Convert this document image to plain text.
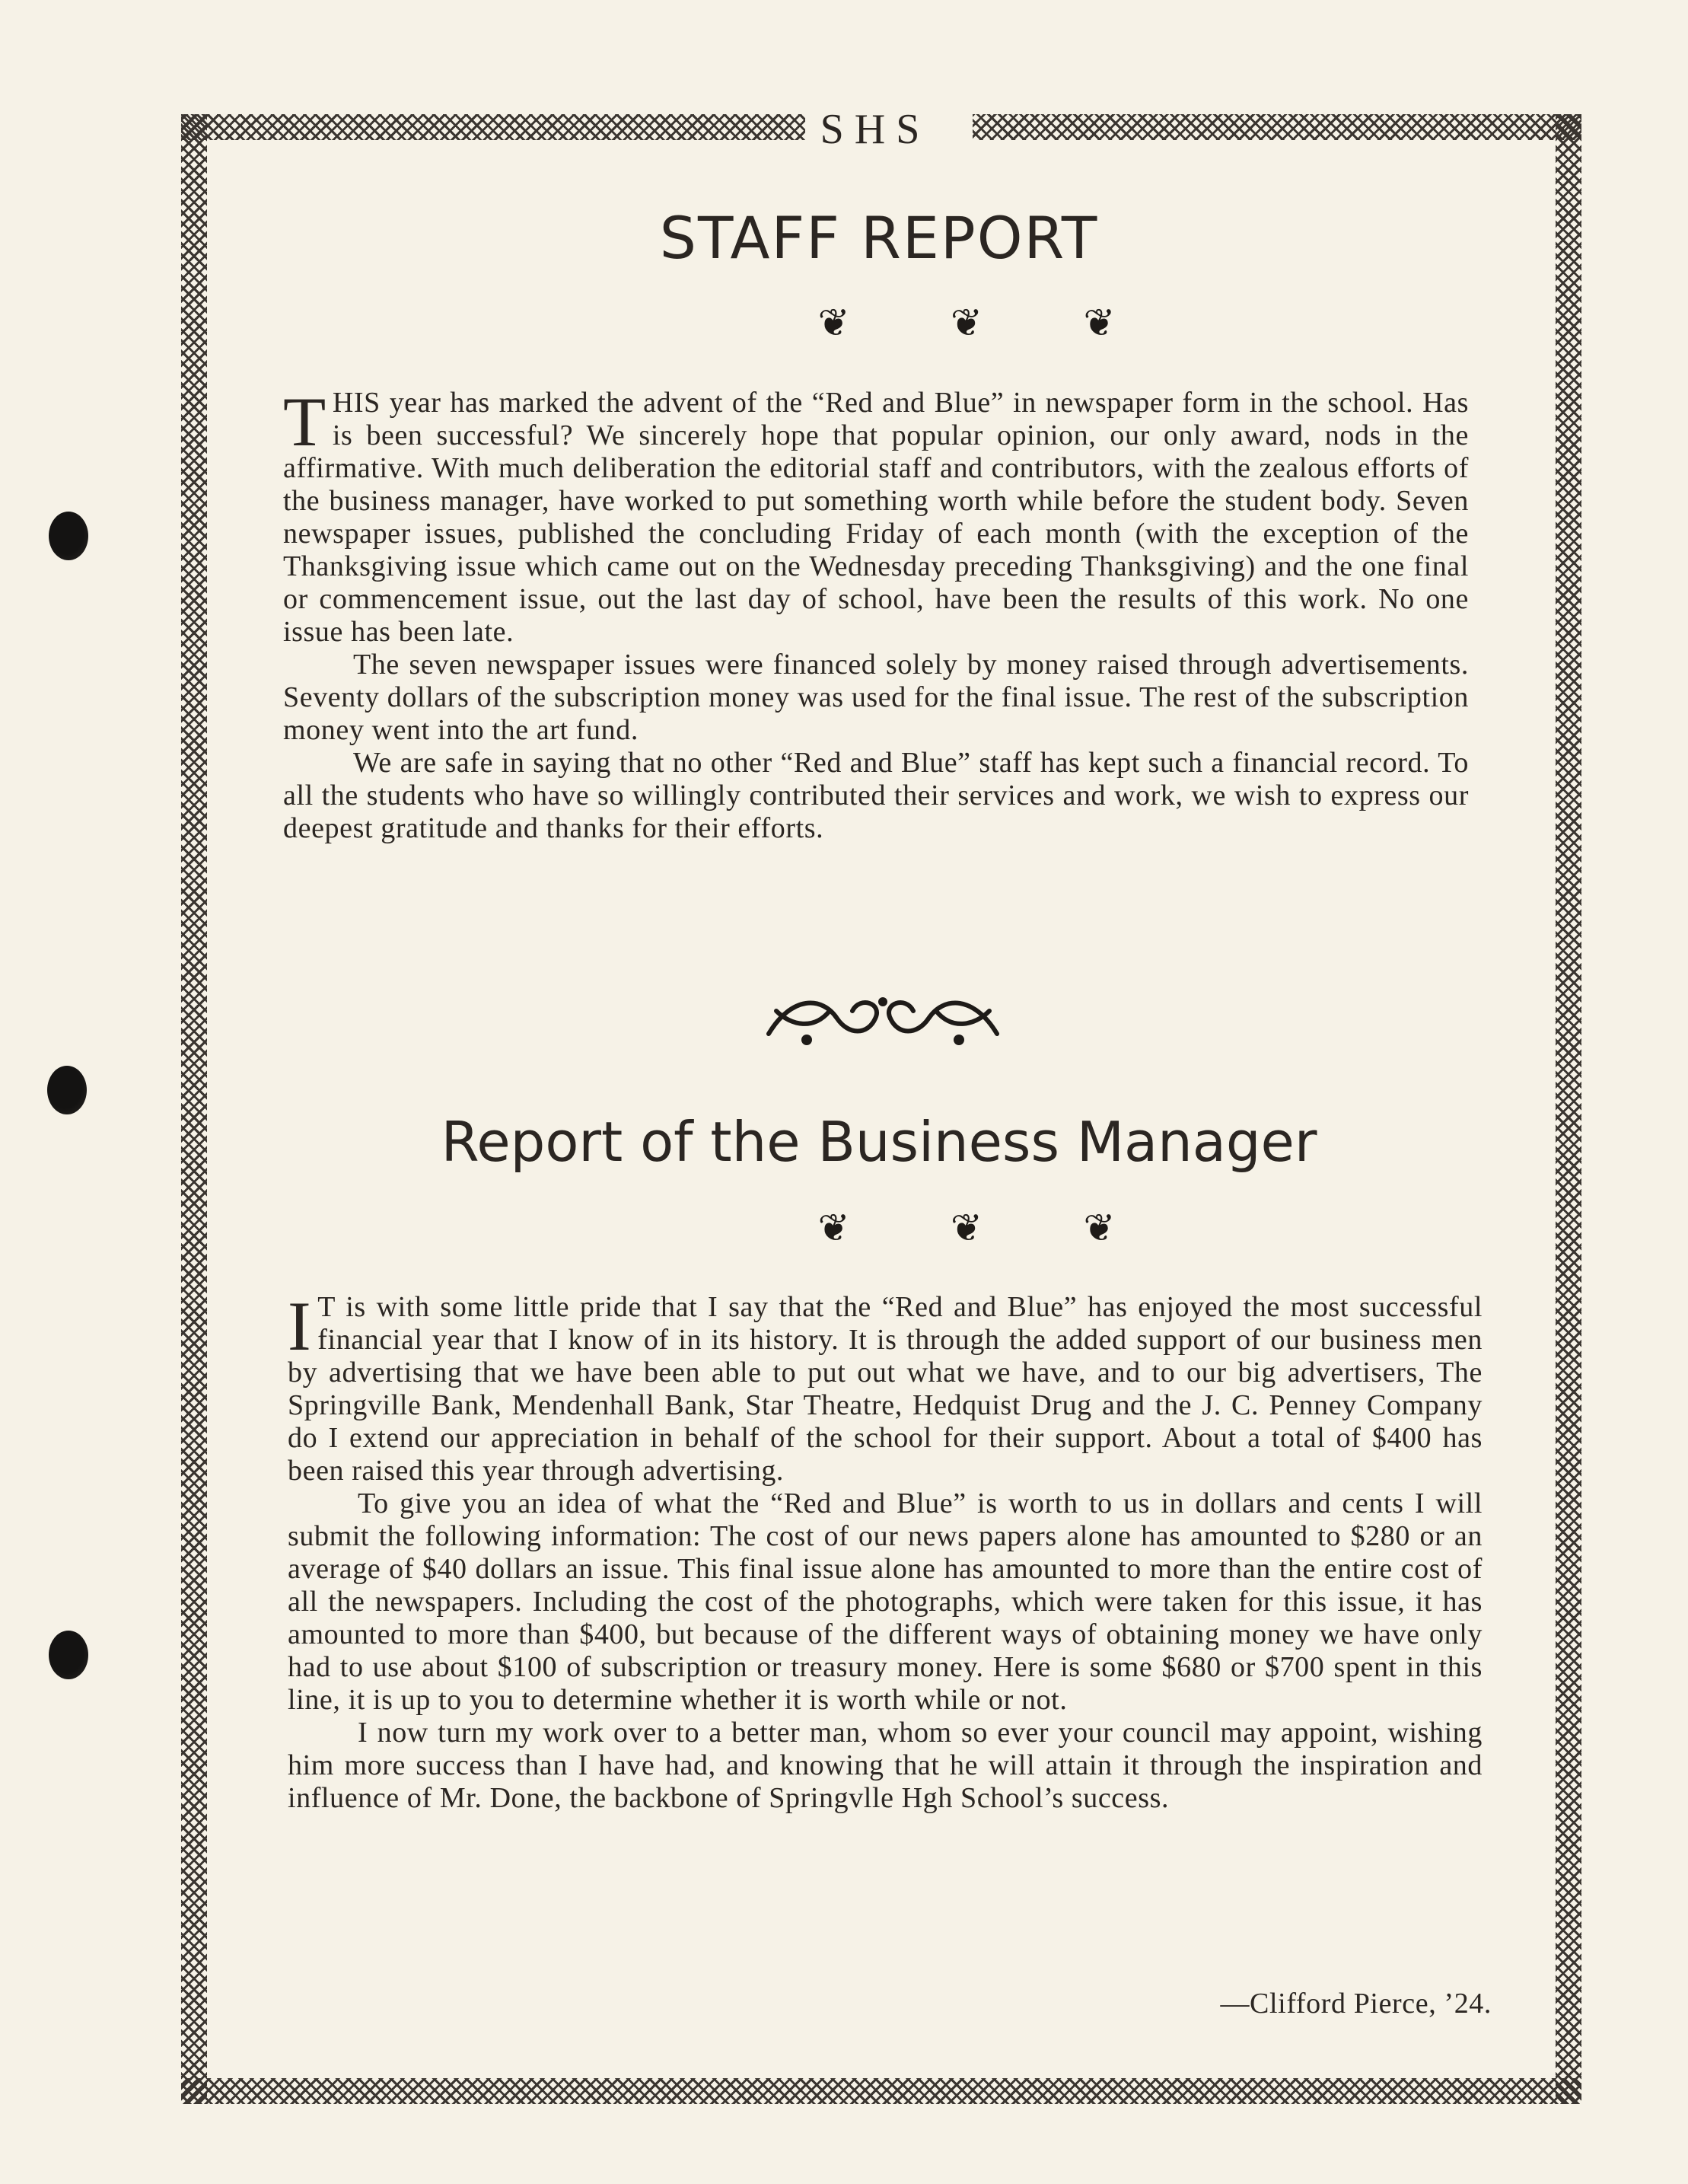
SHS
STAFF REPORT
❦ ❦ ❦

THIS year has marked the advent of the “Red and Blue” in newspaper form in the school. Has is been successful? We sincerely hope that popular opinion, our only award, nods in the affirmative. With much deliberation the editorial staff and contributors, with the zealous efforts of the business manager, have worked to put something worth while before the student body. Seven newspaper issues, published the concluding Friday of each month (with the exception of the Thanksgiving issue which came out on the Wednesday preceding Thanksgiving) and the one final or commencement issue, out the last day of school, have been the results of this work. No one issue has been late.

The seven newspaper issues were financed solely by money raised through advertisements. Seventy dollars of the subscription money was used for the final issue. The rest of the subscription money went into the art fund.

We are safe in saying that no other “Red and Blue” staff has kept such a financial record. To all the students who have so willingly contributed their services and work, we wish to express our deepest gratitude and thanks for their efforts.

Report of the Business Manager
❦ ❦ ❦

I T is with some little pride that I say that the “Red and Blue” has enjoyed the most successful financial year that I know of in its history. It is through the added support of our business men by advertising that we have been able to put out what we have, and to our big advertisers, The Springville Bank, Mendenhall Bank, Star Theatre, Hedquist Drug and the J. C. Penney Company do I extend our appreciation in behalf of the school for their support. About a total of $400 has been raised this year through advertising.

To give you an idea of what the “Red and Blue” is worth to us in dollars and cents I will submit the following information: The cost of our news papers alone has amounted to $280 or an average of $40 dollars an issue. This final issue alone has amounted to more than the entire cost of all the newspapers. Including the cost of the photographs, which were taken for this issue, it has amounted to more than $400, but because of the different ways of obtaining money we have only had to use about $100 of subscription or treasury money. Here is some $680 or $700 spent in this line, it is up to you to determine whether it is worth while or not.

I now turn my work over to a better man, whom so ever your council may appoint, wishing him more success than I have had, and knowing that he will attain it through the inspiration and influence of Mr. Done, the backbone of Springvlle Hgh School’s success.

—Clifford Pierce, ’24.
